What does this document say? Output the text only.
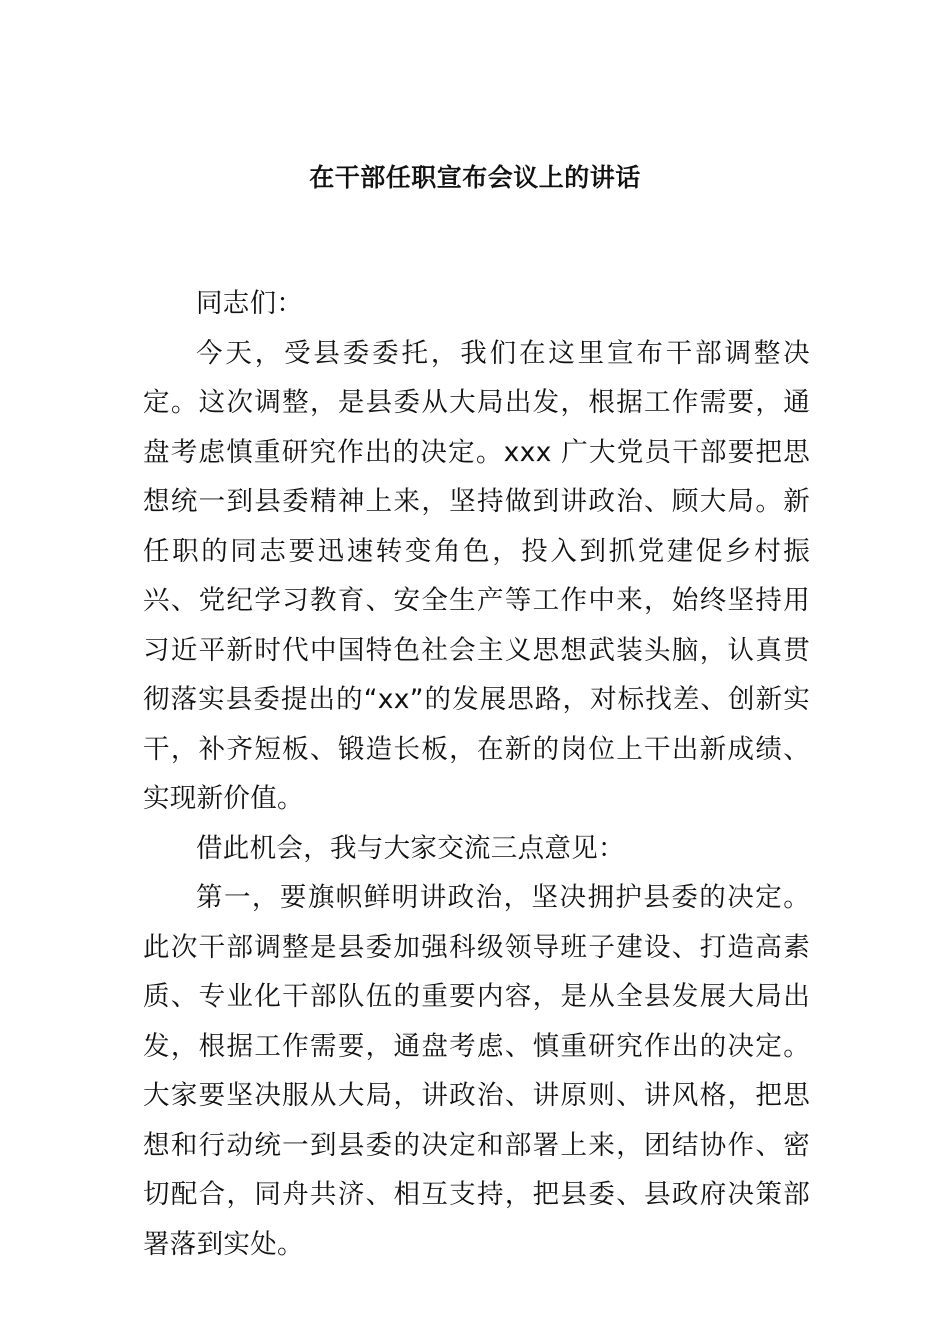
在干部任职宣布会议上的讲话

同志们：

今天，受县委委托，我们在这里宣布干部调整决定。这次调整，是县委从大局出发，根据工作需要，通盘考虑慎重研究作出的决定。xxx 广大党员干部要把思想统一到县委精神上来，坚持做到讲政治、顾大局。新任职的同志要迅速转变角色，投入到抓党建促乡村振兴、党纪学习教育、安全生产等工作中来，始终坚持用习近平新时代中国特色社会主义思想武装头脑，认真贯彻落实县委提出的“xx”的发展思路，对标找差、创新实干，补齐短板、锻造长板，在新的岗位上干出新成绩、实现新价值。

借此机会，我与大家交流三点意见：

第一，要旗帜鲜明讲政治，坚决拥护县委的决定。此次干部调整是县委加强科级领导班子建设、打造高素质、专业化干部队伍的重要内容，是从全县发展大局出发，根据工作需要，通盘考虑、慎重研究作出的决定。大家要坚决服从大局，讲政治、讲原则、讲风格，把思想和行动统一到县委的决定和部署上来，团结协作、密切配合，同舟共济、相互支持，把县委、县政府决策部署落到实处。
